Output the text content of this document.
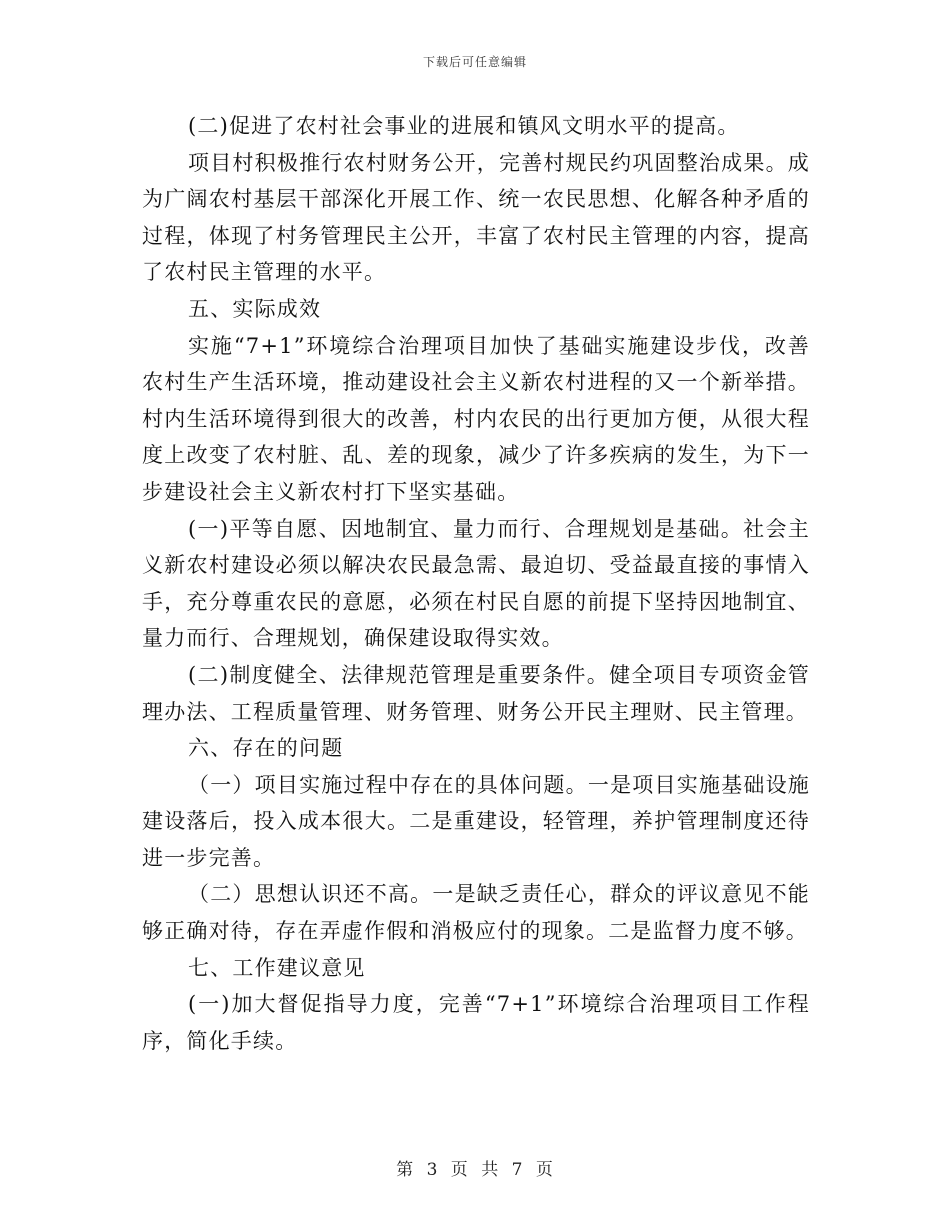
下载后可任意编辑

(二)促进了农村社会事业的进展和镇风文明水平的提高。

项目村积极推行农村财务公开，完善村规民约巩固整治成果。成为广阔农村基层干部深化开展工作、统一农民思想、化解各种矛盾的过程，体现了村务管理民主公开，丰富了农村民主管理的内容，提高了农村民主管理的水平。

五、实际成效

实施“7+1”环境综合治理项目加快了基础实施建设步伐，改善农村生产生活环境，推动建设社会主义新农村进程的又一个新举措。村内生活环境得到很大的改善，村内农民的出行更加方便，从很大程度上改变了农村脏、乱、差的现象，减少了许多疾病的发生，为下一步建设社会主义新农村打下坚实基础。

(一)平等自愿、因地制宜、量力而行、合理规划是基础。社会主义新农村建设必须以解决农民最急需、最迫切、受益最直接的事情入手，充分尊重农民的意愿，必须在村民自愿的前提下坚持因地制宜、量力而行、合理规划，确保建设取得实效。

(二)制度健全、法律规范管理是重要条件。健全项目专项资金管理办法、工程质量管理、财务管理、财务公开民主理财、民主管理。

六、存在的问题

（一）项目实施过程中存在的具体问题。一是项目实施基础设施建设落后，投入成本很大。二是重建设，轻管理，养护管理制度还待进一步完善。

（二）思想认识还不高。一是缺乏责任心，群众的评议意见不能够正确对待，存在弄虚作假和消极应付的现象。二是监督力度不够。

七、工作建议意见

(一)加大督促指导力度，完善“7+1”环境综合治理项目工作程序，简化手续。

第 3 页 共 7 页
